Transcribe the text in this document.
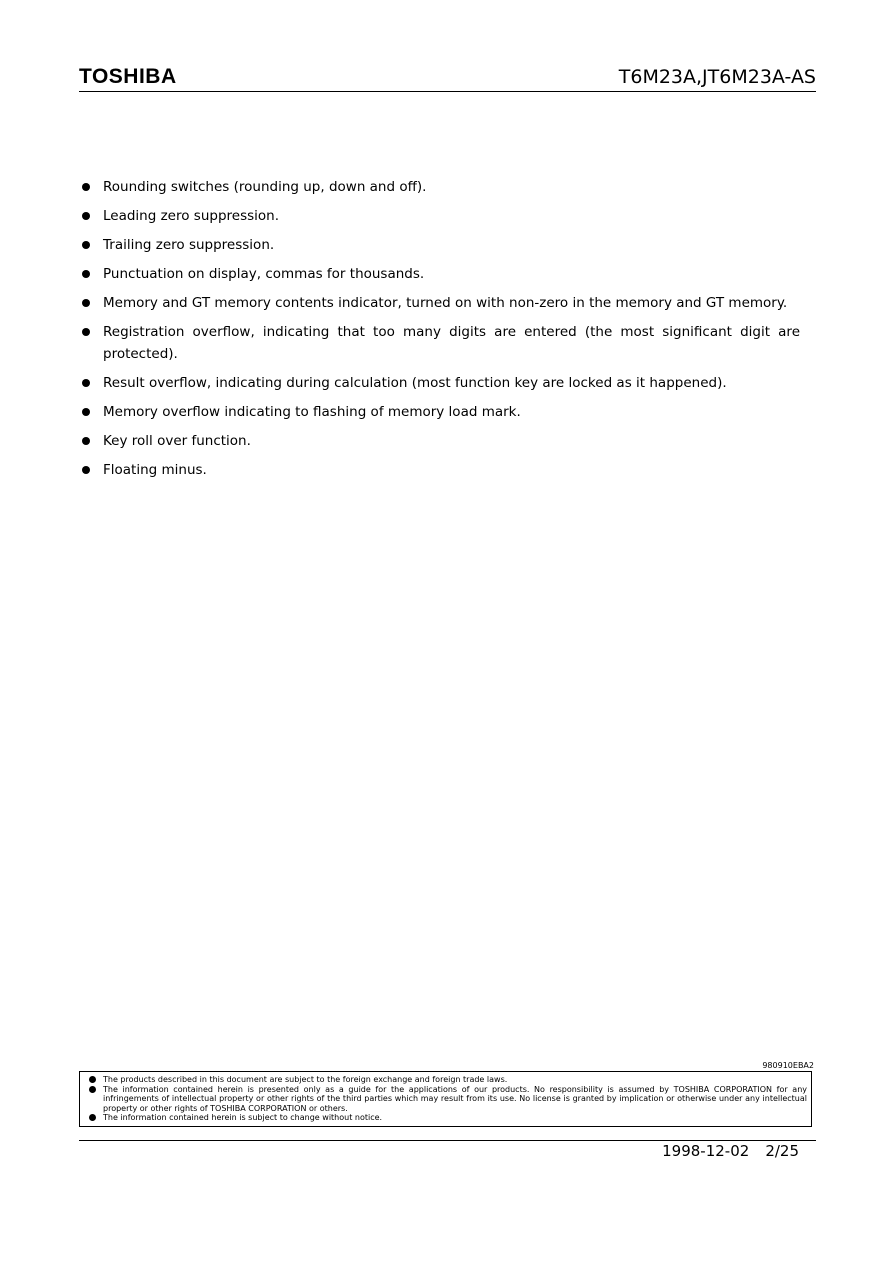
TOSHIBA	T6M23A,JT6M23A-AS
Rounding switches (rounding up, down and off).
Leading zero suppression.
Trailing zero suppression.
Punctuation on display, commas for thousands.
Memory and GT memory contents indicator, turned on with non-zero in the memory and GT memory.
Registration overflow, indicating that too many digits are entered (the most significant digit are protected).
Result overflow, indicating during calculation (most function key are locked as it happened).
Memory overflow indicating to flashing of memory load mark.
Key roll over function.
Floating minus.
980910EBA2
The products described in this document are subject to the foreign exchange and foreign trade laws.
The information contained herein is presented only as a guide for the applications of our products. No responsibility is assumed by TOSHIBA CORPORATION for any infringements of intellectual property or other rights of the third parties which may result from its use. No license is granted by implication or otherwise under any intellectual property or other rights of TOSHIBA CORPORATION or others.
The information contained herein is subject to change without notice.
1998-12-02 2/25
